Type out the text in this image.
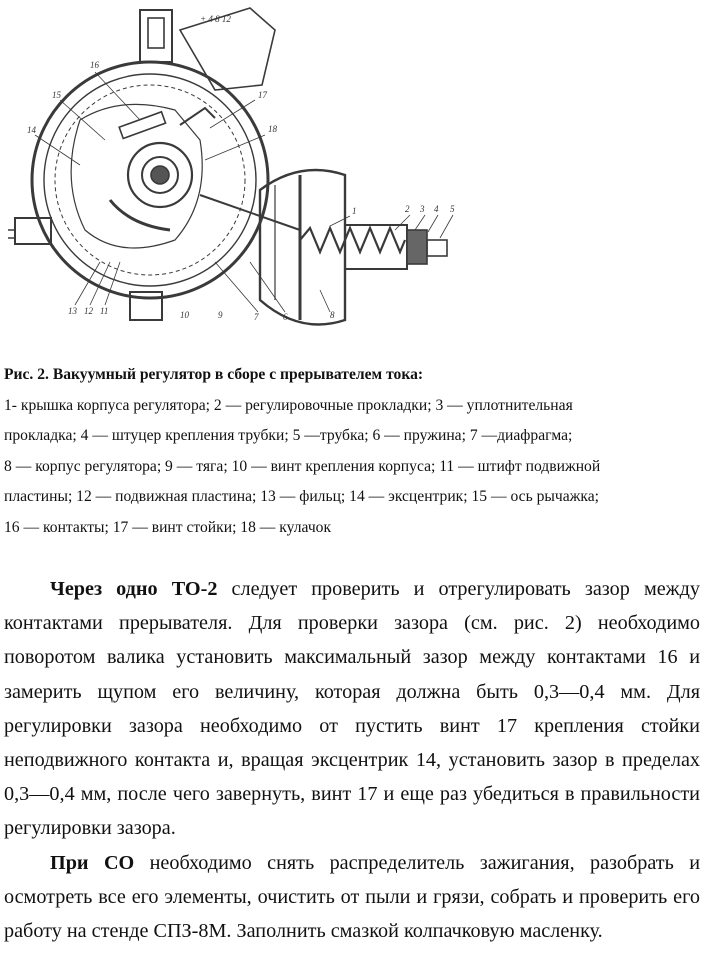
16
15
14
17
18
1	2 3 4 5
13 12 11	10	9	8
7	6
+ 4 8 12
Рис. 2. Вакуумный регулятор в сборе с прерывателем тока:
1- крышка корпуса регулятора; 2 — регулировочные прокладки; 3 — уплотнительная
прокладка; 4 — штуцер крепления трубки; 5 —трубка; 6 — пружина; 7 —диафрагма;
8 — корпус регулятора; 9 — тяга; 10 — винт крепления корпуса; 11 — штифт подвижной
пластины; 12 — подвижная пластина; 13 — фильц; 14 — эксцентрик; 15 — ось рычажка;
16 — контакты; 17 — винт стойки; 18 — кулачок

Через одно ТО-2 следует проверить и отрегулировать зазор между контактами прерывателя. Для проверки зазора (см. рис. 2) необходимо поворотом валика установить максимальный зазор между контактами 16 и замерить щупом его величину, которая должна быть 0,3—0,4 мм. Для регулировки зазора необходимо от пустить винт 17 крепления стойки неподвижного контакта и, вращая эксцентрик 14, установить зазор в пределах 0,3—0,4 мм, после чего завернуть, винт 17 и еще раз убедиться в правильности регулировки зазора.

При СО необходимо снять распределитель зажигания, разобрать и осмотреть все его элементы, очистить от пыли и грязи, собрать и проверить его работу на стенде СПЗ-8М. Заполнить смазкой колпачковую масленку.
